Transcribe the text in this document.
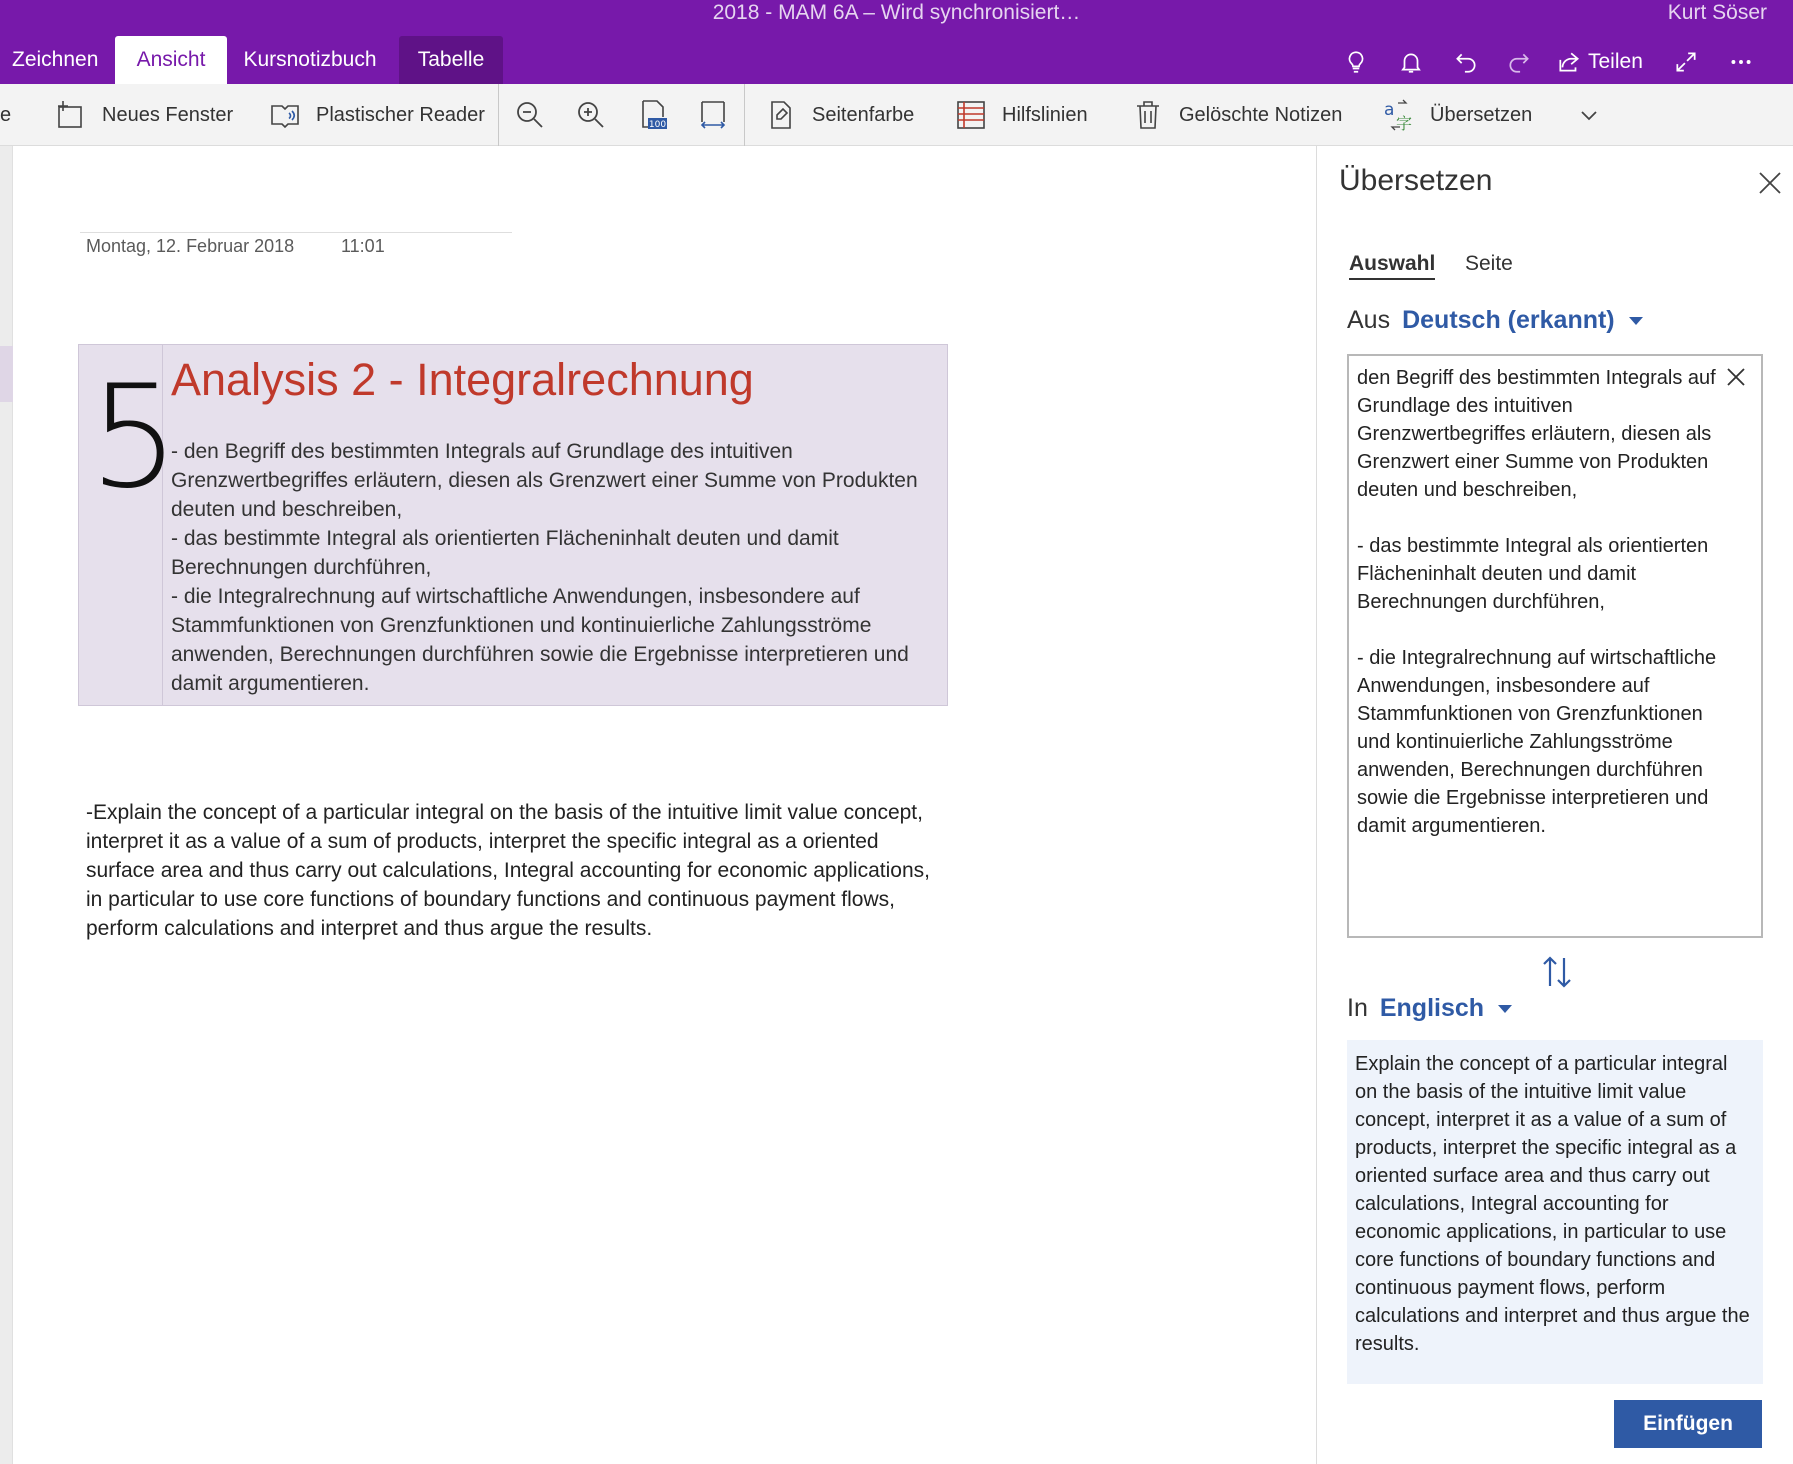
2018 - MAM 6A – Wird synchronisiert…	Kurt Söser
Zeichnen	Ansicht	Kursnotizbuch	Tabelle	Teilen
e	Neues Fenster	Plastischer Reader	100	Seitenfarbe	Hilfslinien	Gelöschte Notizen a
字 Übersetzen
Montag, 12. Februar 2018	11:01
5
Analysis 2 - Integralrechnung
- den Begriff des bestimmten Integrals auf Grundlage des intuitiven Grenzwertbegriffes erläutern, diesen als Grenzwert einer Summe von Produkten deuten und beschreiben,
- das bestimmte Integral als orientierten Flächeninhalt deuten und damit Berechnungen durchführen,
- die Integralrechnung auf wirtschaftliche Anwendungen, insbesondere auf Stammfunktionen von Grenzfunktionen und kontinuierliche Zahlungsströme anwenden, Berechnungen durchführen sowie die Ergebnisse interpretieren und damit argumentieren.
-Explain the concept of a particular integral on the basis of the intuitive limit value concept, interpret it as a value of a sum of products, interpret the specific integral as a oriented surface area and thus carry out calculations, Integral accounting for economic applications, in particular to use core functions of boundary functions and continuous payment flows, perform calculations and interpret and thus argue the results.
Übersetzen
Auswahl Seite
Aus Deutsch (erkannt)
den Begriff des bestimmten Integrals auf Grundlage des intuitiven Grenzwertbegriffes erläutern, diesen als Grenzwert einer Summe von Produkten deuten und beschreiben,

- das bestimmte Integral als orientierten Flächeninhalt deuten und damit Berechnungen durchführen,

- die Integralrechnung auf wirtschaftliche Anwendungen, insbesondere auf Stammfunktionen von Grenzfunktionen und kontinuierliche Zahlungsströme anwenden, Berechnungen durchführen sowie die Ergebnisse interpretieren und damit argumentieren.
In Englisch
Explain the concept of a particular integral on the basis of the intuitive limit value concept, interpret it as a value of a sum of products, interpret the specific integral as a oriented surface area and thus carry out calculations, Integral accounting for economic applications, in particular to use core functions of boundary functions and continuous payment flows, perform calculations and interpret and thus argue the results.
Einfügen
